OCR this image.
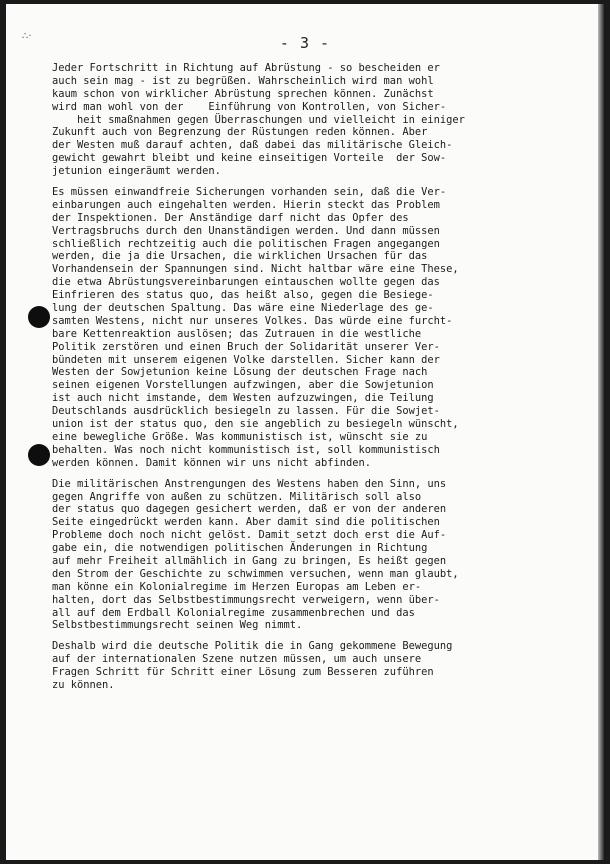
∴·	- 3 -
Jeder Fortschritt in Richtung auf Abrüstung - so bescheiden er
auch sein mag - ist zu begrüßen. Wahrscheinlich wird man wohl
kaum schon von wirklicher Abrüstung sprechen können. Zunächst
wird man wohl von der    Einführung von Kontrollen, von Sicher-
heit smaßnahmen gegen Überraschungen und vielleicht in einiger
Zukunft auch von Begrenzung der Rüstungen reden können. Aber
der Westen muß darauf achten, daß dabei das militärische Gleich-
gewicht gewahrt bleibt und keine einseitigen Vorteile  der Sow-
jetunion eingeräumt werden.
Es müssen einwandfreie Sicherungen vorhanden sein, daß die Ver-
einbarungen auch eingehalten werden. Hierin steckt das Problem
der Inspektionen. Der Anständige darf nicht das Opfer des
Vertragsbruchs durch den Unanständigen werden. Und dann müssen
schließlich rechtzeitig auch die politischen Fragen angegangen
werden, die ja die Ursachen, die wirklichen Ursachen für das
Vorhandensein der Spannungen sind. Nicht haltbar wäre eine These,
die etwa Abrüstungsvereinbarungen eintauschen wollte gegen das
Einfrieren des status quo, das heißt also, gegen die Besiege-
lung der deutschen Spaltung. Das wäre eine Niederlage des ge-
samten Westens, nicht nur unseres Volkes. Das würde eine furcht-
bare Kettenreaktion auslösen; das Zutrauen in die westliche
Politik zerstören und einen Bruch der Solidarität unserer Ver-
bündeten mit unserem eigenen Volke darstellen. Sicher kann der
Westen der Sowjetunion keine Lösung der deutschen Frage nach
seinen eigenen Vorstellungen aufzwingen, aber die Sowjetunion
ist auch nicht imstande, dem Westen aufzuzwingen, die Teilung
Deutschlands ausdrücklich besiegeln zu lassen. Für die Sowjet-
union ist der status quo, den sie angeblich zu besiegeln wünscht,
eine bewegliche Größe. Was kommunistisch ist, wünscht sie zu
behalten. Was noch nicht kommunistisch ist, soll kommunistisch
werden können. Damit können wir uns nicht abfinden.
Die militärischen Anstrengungen des Westens haben den Sinn, uns
gegen Angriffe von außen zu schützen. Militärisch soll also
der status quo dagegen gesichert werden, daß er von der anderen
Seite eingedrückt werden kann. Aber damit sind die politischen
Probleme doch noch nicht gelöst. Damit setzt doch erst die Auf-
gabe ein, die notwendigen politischen Änderungen in Richtung
auf mehr Freiheit allmählich in Gang zu bringen, Es heißt gegen
den Strom der Geschichte zu schwimmen versuchen, wenn man glaubt,
man könne ein Kolonialregime im Herzen Europas am Leben er-
halten, dort das Selbstbestimmungsrecht verweigern, wenn über-
all auf dem Erdball Kolonialregime zusammenbrechen und das
Selbstbestimmungsrecht seinen Weg nimmt.
Deshalb wird die deutsche Politik die in Gang gekommene Bewegung
auf der internationalen Szene nutzen müssen, um auch unsere
Fragen Schritt für Schritt einer Lösung zum Besseren zuführen
zu können.
